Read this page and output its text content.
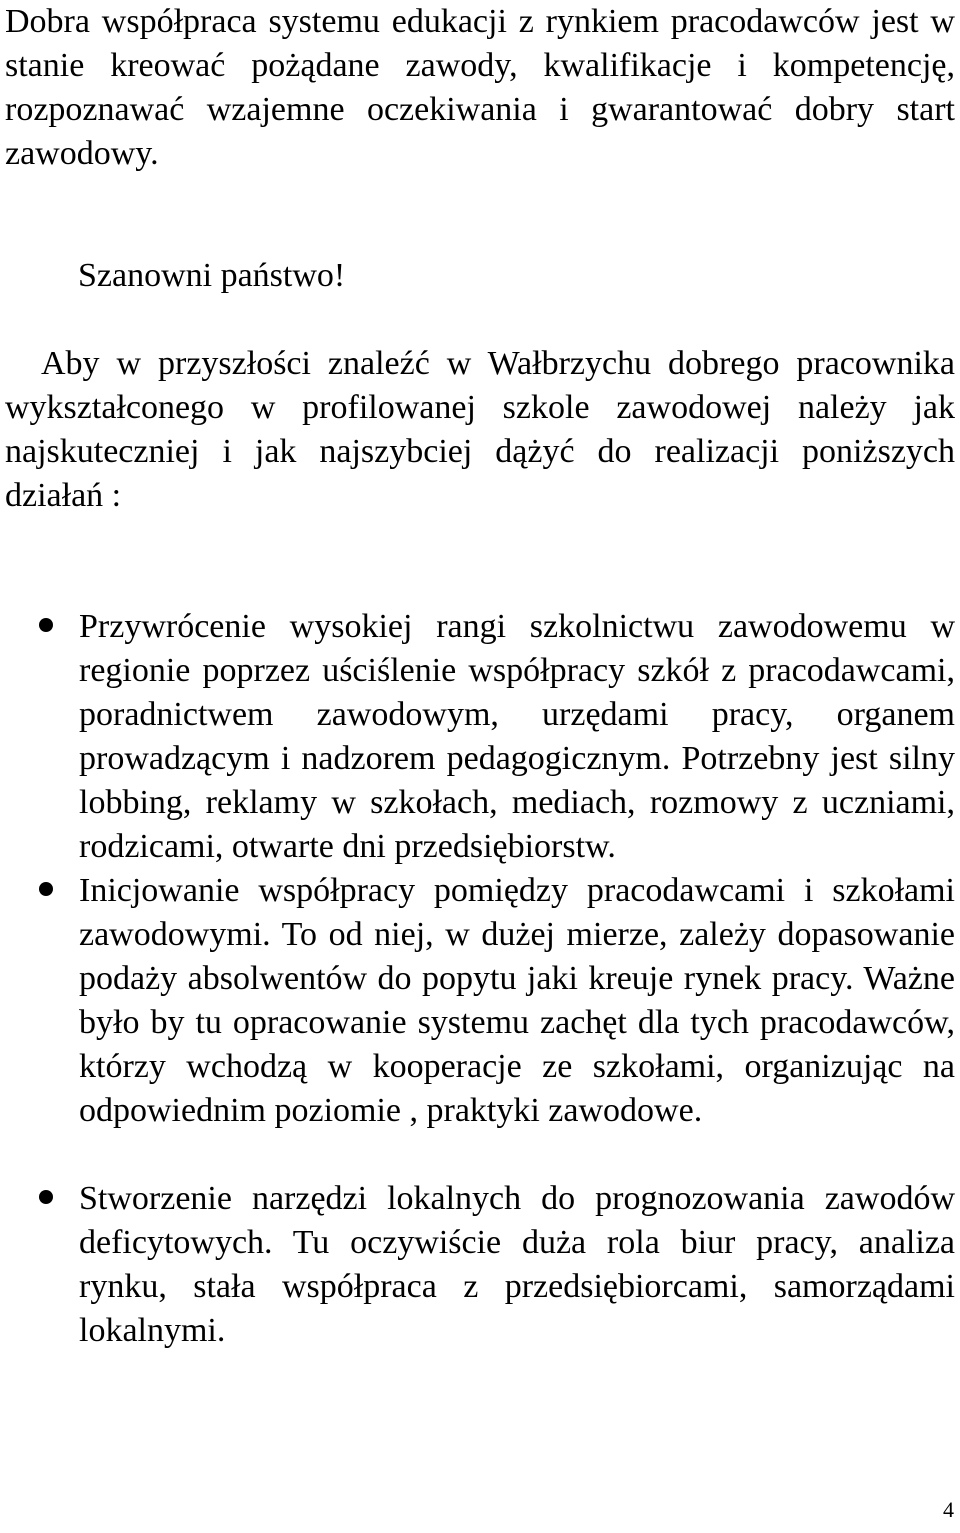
Dobra współpraca systemu edukacji z rynkiem pracodawców jest w stanie kreować pożądane zawody, kwalifikacje i kompetencję, rozpoznawać wzajemne oczekiwania i gwarantować dobry start zawodowy.

Szanowni państwo!

Aby w przyszłości znaleźć w Wałbrzychu dobrego pracownika wykształconego w profilowanej szkole zawodowej należy jak najskuteczniej i jak najszybciej dążyć do realizacji poniższych działań :

Przywrócenie wysokiej rangi szkolnictwu zawodowemu w regionie poprzez uściślenie współpracy szkół z pracodawcami, poradnictwem zawodowym, urzędami pracy, organem prowadzącym i nadzorem pedagogicznym. Potrzebny jest silny lobbing, reklamy w szkołach, mediach, rozmowy z uczniami, rodzicami, otwarte dni przedsiębiorstw.
Inicjowanie współpracy pomiędzy pracodawcami i szkołami zawodowymi. To od niej, w dużej mierze, zależy dopasowanie podaży absolwentów do popytu jaki kreuje rynek pracy. Ważne było by tu opracowanie systemu zachęt dla tych pracodawców, którzy wchodzą w kooperacje ze szkołami, organizując na odpowiednim poziomie , praktyki zawodowe.
Stworzenie narzędzi lokalnych do prognozowania zawodów deficytowych. Tu oczywiście duża rola biur pracy, analiza rynku, stała współpraca z przedsiębiorcami, samorządami lokalnymi.
4
